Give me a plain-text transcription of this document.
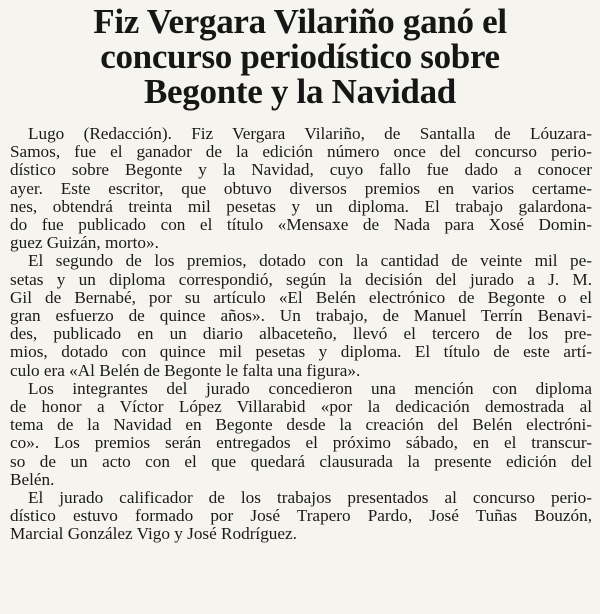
Fiz Vergara Vilariño ganó el
concurso periodístico sobre
Begonte y la Navidad
Lugo (Redacción). Fiz Vergara Vilariño, de Santalla de Lóuzara-
Samos, fue el ganador de la edición número once del concurso perio-
dístico sobre Begonte y la Navidad, cuyo fallo fue dado a conocer
ayer. Este escritor, que obtuvo diversos premios en varios certame-
nes, obtendrá treinta mil pesetas y un diploma. El trabajo galardona-
do fue publicado con el título «Mensaxe de Nada para Xosé Domin-
guez Guizán, morto».
El segundo de los premios, dotado con la cantidad de veinte mil pe-
setas y un diploma correspondió, según la decisión del jurado a J. M.
Gil de Bernabé, por su artículo «El Belén electrónico de Begonte o el
gran esfuerzo de quince años». Un trabajo, de Manuel Terrín Benavi-
des, publicado en un diario albaceteño, llevó el tercero de los pre-
mios, dotado con quince mil pesetas y diploma. El título de este artí-
culo era «Al Belén de Begonte le falta una figura».
Los integrantes del jurado concedieron una mención con diploma
de honor a Víctor López Villarabid «por la dedicación demostrada al
tema de la Navidad en Begonte desde la creación del Belén electróni-
co». Los premios serán entregados el próximo sábado, en el transcur-
so de un acto con el que quedará clausurada la presente edición del
Belén.
El jurado calificador de los trabajos presentados al concurso perio-
dístico estuvo formado por José Trapero Pardo, José Tuñas Bouzón,
Marcial González Vigo y José Rodríguez.
